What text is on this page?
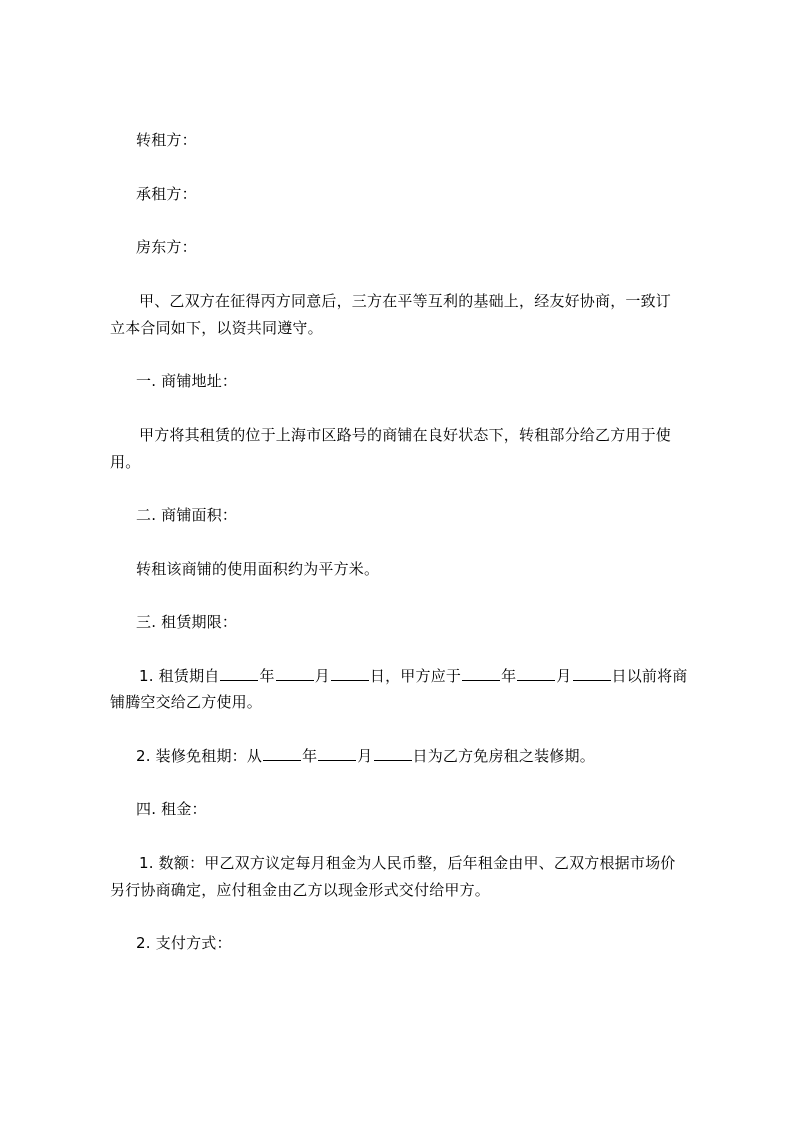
转租方：
承租方：
房东方：
甲、乙双方在征得丙方同意后，三方在平等互利的基础上，经友好协商，一致订
立本合同如下，以资共同遵守。
一. 商铺地址：
甲方将其租赁的位于上海市区路号的商铺在良好状态下，转租部分给乙方用于使
用。
二. 商铺面积：
转租该商铺的使用面积约为平方米。
三. 租赁期限：
1. 租赁期自	年	月	日，甲方应于	年	月	日以前将商
铺腾空交给乙方使用。
2. 装修免租期：从	年	月	日为乙方免房租之装修期。
四. 租金：
1. 数额：甲乙双方议定每月租金为人民币整，后年租金由甲、乙双方根据市场价
另行协商确定，应付租金由乙方以现金形式交付给甲方。
2. 支付方式：
